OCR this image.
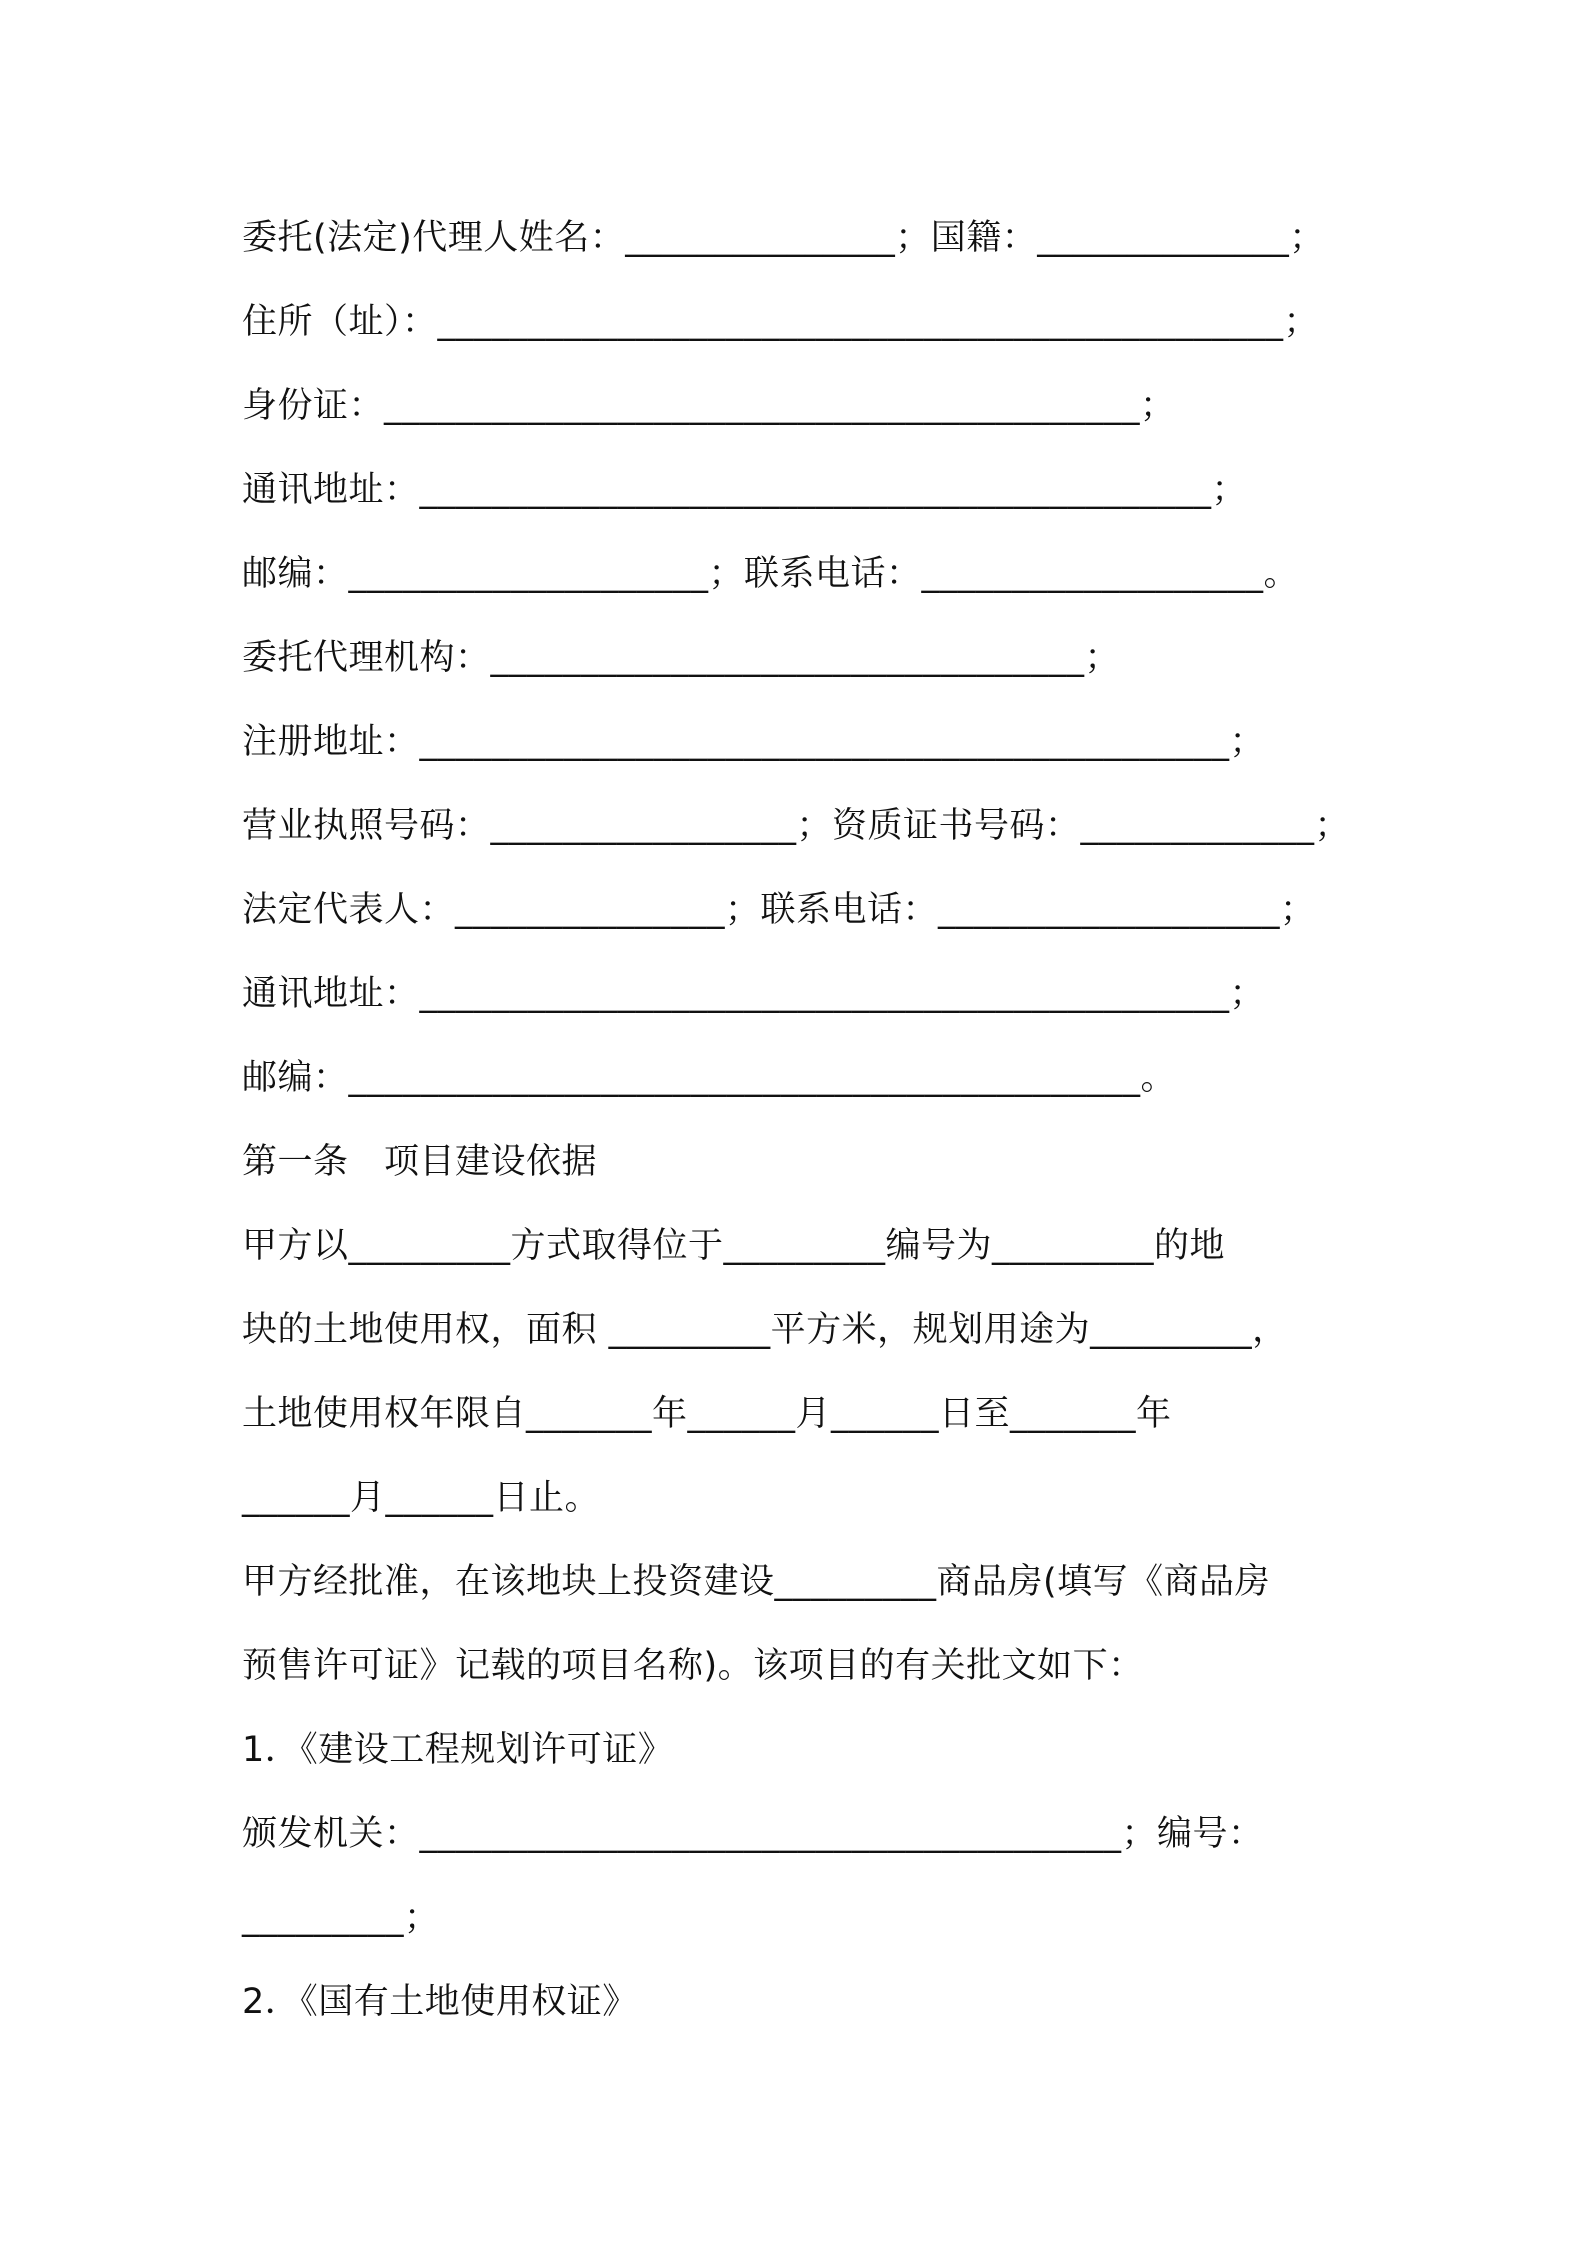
委托(法定)代理人姓名：_______________；国籍：______________；
住所（址）：_______________________________________________；
身份证：__________________________________________；
通讯地址：____________________________________________；
邮编：____________________；联系电话：___________________。
委托代理机构：_________________________________；
注册地址：_____________________________________________；
营业执照号码：_________________；资质证书号码：_____________；
法定代表人：_______________；联系电话：___________________；
通讯地址：_____________________________________________；
邮编：____________________________________________。
第一条　项目建设依据
甲方以_________方式取得位于_________编号为_________的地
块的土地使用权，面积 _________平方米，规划用途为_________，
土地使用权年限自_______年______月______日至_______年
______月______日止。
甲方经批准，在该地块上投资建设_________商品房(填写《商品房
预售许可证》记载的项目名称)。该项目的有关批文如下：
1．《建设工程规划许可证》
颁发机关：_______________________________________；编号：
_________；
2．《国有土地使用权证》
